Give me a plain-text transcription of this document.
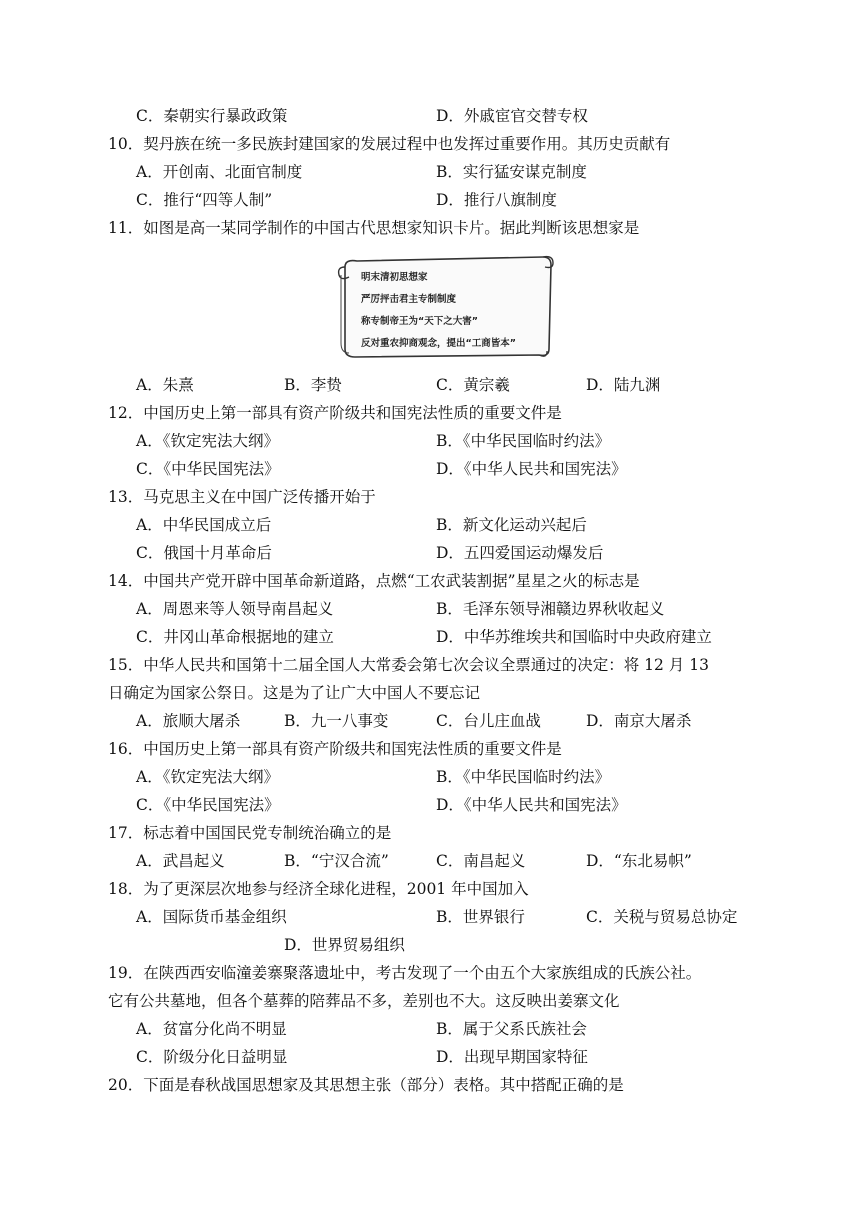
C．秦朝实行暴政政策	D．外戚宦官交替专权
10．契丹族在统一多民族封建国家的发展过程中也发挥过重要作用。其历史贡献有
A．开创南、北面官制度	B．实行猛安谋克制度
C．推行“四等人制”	D．推行八旗制度
11．如图是高一某同学制作的中国古代思想家知识卡片。据此判断该思想家是
明末清初思想家
严厉抨击君主专制制度
称专制帝王为“天下之大害”
反对重农抑商观念，提出“工商皆本”
A．朱熹	B．李贽	C．黄宗羲	D．陆九渊
12．中国历史上第一部具有资产阶级共和国宪法性质的重要文件是
A．《钦定宪法大纲》	B．《中华民国临时约法》
C．《中华民国宪法》	D．《中华人民共和国宪法》
13．马克思主义在中国广泛传播开始于
A．中华民国成立后	B．新文化运动兴起后
C．俄国十月革命后	D．五四爱国运动爆发后
14．中国共产党开辟中国革命新道路，点燃“工农武装割据”星星之火的标志是
A．周恩来等人领导南昌起义	B．毛泽东领导湘赣边界秋收起义
C．井冈山革命根据地的建立	D．中华苏维埃共和国临时中央政府建立
15．中华人民共和国第十二届全国人大常委会第七次会议全票通过的决定：将 12 月 13
日确定为国家公祭日。这是为了让广大中国人不要忘记
A．旅顺大屠杀	B．九一八事变	C．台儿庄血战	D．南京大屠杀
16．中国历史上第一部具有资产阶级共和国宪法性质的重要文件是
A．《钦定宪法大纲》	B．《中华民国临时约法》
C．《中华民国宪法》	D．《中华人民共和国宪法》
17．标志着中国国民党专制统治确立的是
A．武昌起义	B．“宁汉合流”	C．南昌起义	D．“东北易帜”
18．为了更深层次地参与经济全球化进程，2001 年中国加入
A．国际货币基金组织	B．世界银行	C．关税与贸易总协定
D．世界贸易组织
19．在陕西西安临潼姜寨聚落遗址中，考古发现了一个由五个大家族组成的氏族公社。
它有公共墓地，但各个墓葬的陪葬品不多，差别也不大。这反映出姜寨文化
A．贫富分化尚不明显	B．属于父系氏族社会
C．阶级分化日益明显	D．出现早期国家特征
20．下面是春秋战国思想家及其思想主张（部分）表格。其中搭配正确的是
